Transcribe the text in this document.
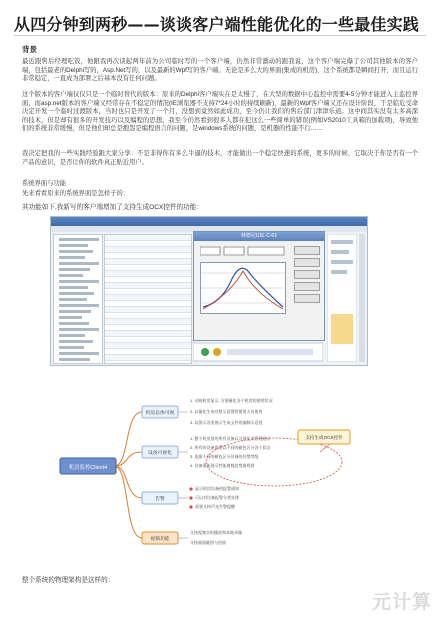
从四分钟到两秒——谈谈客户端性能优化的一些最佳实践
背景
最近跟售后经理吃饭，他跟我再次谈起两年前为公司临时写的一个客户端，仍然非常激动的跟我说，这个客户端完爆了公司其他版本的客户端，包括最老的Delphi写的，Asp.Net写的，以及最新的Wpf写的客户端。无论是多么大的界面(集成的机房)，这个系统都是瞬间打开，而且运行非常稳定，一直成为部署之后基本没有任何问题。
这个版本的客户端仅仅只是一个临时替代的版本：原来的Delphi客户端实在是太慢了，在大型的数据中心监控中需要4-5分钟才能进入主监控界面，而asp.net版本的客户端又经常存在不稳定的情况(IE浏览器不支持7*24小时的持续刷新)，最新的Wpf客户端又还在设计阶段，于是临危受命决定开发一个临时过渡版本，当时也只是开发了一个月，没想到竟然如此成功，至今仍让我们的售后部门津津乐道。这中间其实没有太多高深的技术，但是却有很多的开发技巧以及编程的思想。我至今仍然看到很多人都在犯这么一些简单的错误(例如VS2010工具箱的加载项)，导致他们的系统非常缓慢，但是他们却总是抱怨是编程语言的问题，是windows系统的问题，是机器的性能不行……
我决定把我的一些实践经验跟大家分享：不是非得你有多么牛逼的技术，才能做出一个稳定快速的系统，更多的时候，它取决于你是否有一个产品的意识，是否让你的软件真正贴近用户。
系统界面与功能
先来看看原来的系统界面是怎样子的：
林德尼U1L C-01
其功能如下,我新写的客户端增加了支持生成OCX控件的功能：
机房监控Client4
机房总体可视
1. 动画机房显示, 方便量化各个机房的使用状况
2. 以量化生成对照示意图给使用人员使用
3. 以图示各类展示生成文件的编制示意图
设备可视化
1. 整个机房里的所有设备以可视化来管理展示
2. 所有的设备需要以不同的颜色区分各个状态
3. 依据不同的颜色区分设备的告警等级
4. 设备需能展示性能参数趋势曲线图
支持生成OCX控件
告警
显示机房设备的报警通知
可以对设备报警分类处理
需要支持声光告警提醒
视频功能
支持视频实时播放和本地录像
支持画面截图与回放
整个系统的物理架构是这样的：
元计算
